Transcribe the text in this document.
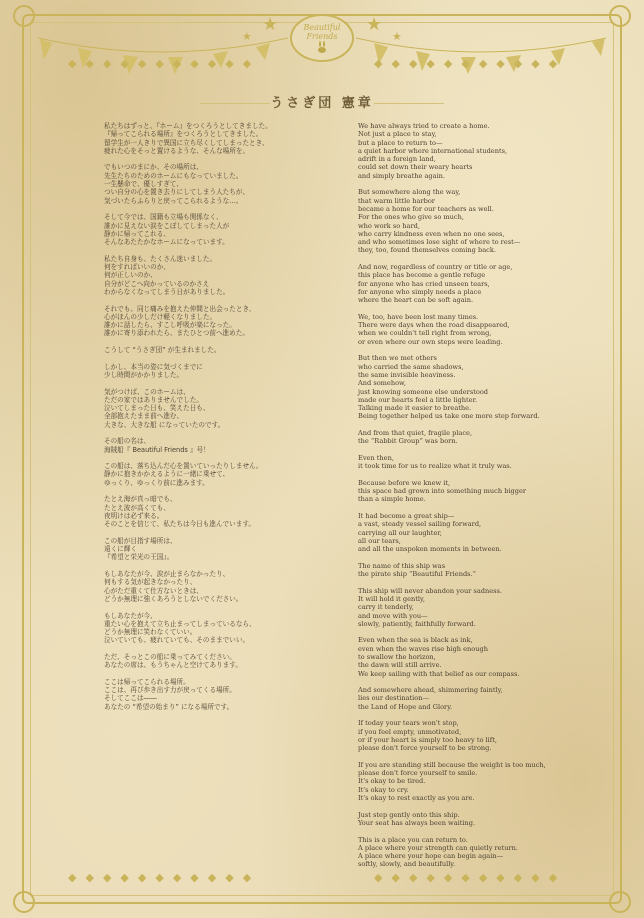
★	★
★	★
Beautiful
Friends
◆◆◆◆◆◆◆◆◆◆◆	◆◆◆◆◆◆◆◆◆◆◆
うさぎ団 憲章

私たちはずっと、『ホーム』をつくろうとしてきました。
『帰ってこられる場所』をつくろうとしてきました。
留学生が一人きりで異国に立ち尽くしてしまったとき、
疲れた心をそっと置けるような、そんな場所を。

でもいつのまにか、その場所は、
先生たちのためのホームにもなっていました。
一生懸命で、優しすぎて、
つい自分の心を置き去りにしてしまう人たちが、
気づいたらふらりと戻ってこられるような…。

そして今では、国籍も立場も関係なく、
誰かに見えない涙をこぼしてしまった人が
静かに帰ってこれる、
そんなあたたかなホームになっています。

私たち自身も、たくさん迷いました。
何をすればいいのか、
何が正しいのか、
自分がどこへ向かっているのかさえ
わからなくなってしまう日がありました。

それでも、同じ痛みを抱えた仲間と出会ったとき、
心がほんの少しだけ軽くなりました。
誰かに話したら、すこし呼吸が楽になった。
誰かに寄り添われたら、またひとつ前へ進めた。

こうして “うさぎ団” が生まれました。

しかし、本当の姿に気づくまでに
少し時間がかかりました。

気がつけば、このホームは、
ただの家ではありませんでした。
泣いてしまった日も、笑えた日も、
全部抱えたまま前へ進む、
大きな、大きな船 になっていたのです。

その船の名は、
海賊船『 Beautiful Friends 』号！

この船は、落ち込んだ心を置いていったりしません。
静かに抱きかかえるように一緒に乗せて、
ゆっくり、ゆっくり前に進みます。

たとえ海が真っ暗でも、
たとえ波が高くても、
夜明けは必ず来る。
そのことを信じて、私たちは今日も進んでいます。

この船が目指す場所は、
遠くに輝く
『希望と栄光の王国』。

もしあなたが今、涙が止まらなかったり、
何もする気が起きなかったり、
心がただ重くて仕方ないときは、
どうか無理に強くあろうとしないでください。

もしあなたが今、
重たい心を抱えて立ち止まってしまっているなら、
どうか無理に笑わなくていい。
泣いていても、疲れていても、そのままでいい。

ただ、そっとこの船に乗ってみてください。
あなたの席は、もうちゃんと空けてあります。

ここは帰ってこられる場所。
ここは、再び歩き出す力が戻ってくる場所。
そしてここは――
あなたの “希望の始まり” になる場所です。

We have always tried to create a home.
Not just a place to stay,
but a place to return to—
a quiet harbor where international students,
adrift in a foreign land,
could set down their weary hearts
and simply breathe again.

But somewhere along the way,
that warm little harbor
became a home for our teachers as well.
For the ones who give so much,
who work so hard,
who carry kindness even when no one sees,
and who sometimes lose sight of where to rest—
they, too, found themselves coming back.

And now, regardless of country or title or age,
this place has become a gentle refuge
for anyone who has cried unseen tears,
for anyone who simply needs a place
where the heart can be soft again.

We, too, have been lost many times.
There were days when the road disappeared,
when we couldn't tell right from wrong,
or even where our own steps were leading.

But then we met others
who carried the same shadows,
the same invisible heaviness.
And somehow,
just knowing someone else understood
made our hearts feel a little lighter.
Talking made it easier to breathe.
Being together helped us take one more step forward.

And from that quiet, fragile place,
the “Rabbit Group” was born.

Even then,
it took time for us to realize what it truly was.

Because before we knew it,
this space had grown into something much bigger
than a simple home.

It had become a great ship—
a vast, steady vessel sailing forward,
carrying all our laughter,
all our tears,
and all the unspoken moments in between.

The name of this ship was
the pirate ship “Beautiful Friends.”

This ship will never abandon your sadness.
It will hold it gently,
carry it tenderly,
and move with you—
slowly, patiently, faithfully forward.

Even when the sea is black as ink,
even when the waves rise high enough
to swallow the horizon,
the dawn will still arrive.
We keep sailing with that belief as our compass.

And somewhere ahead, shimmering faintly,
lies our destination—
the Land of Hope and Glory.

If today your tears won't stop,
if you feel empty, unmotivated,
or if your heart is simply too heavy to lift,
please don't force yourself to be strong.

If you are standing still because the weight is too much,
please don't force yourself to smile.
It's okay to be tired.
It's okay to cry.
It's okay to rest exactly as you are.

Just step gently onto this ship.
Your seat has always been waiting.

This is a place you can return to.
A place where your strength can quietly return.
A place where your hope can begin again—
softly, slowly, and beautifully.

◆◆◆◆◆◆◆◆◆◆◆	◆◆◆◆◆◆◆◆◆◆◆
